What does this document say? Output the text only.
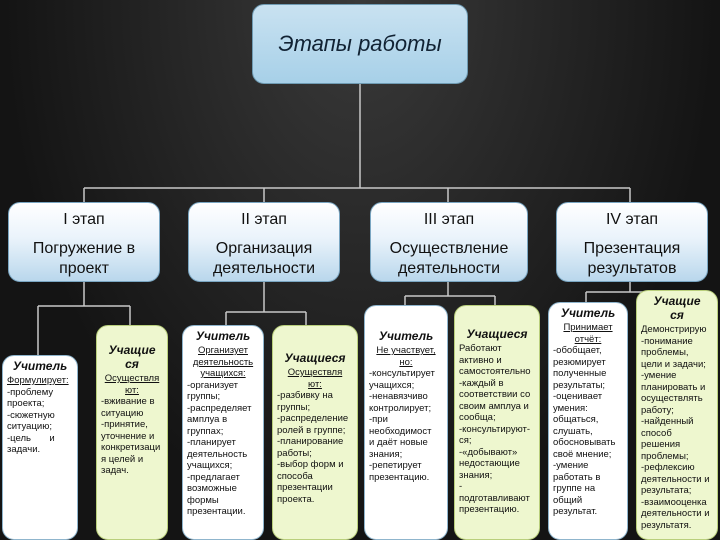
Этапы работы
I этап
Погружение в проект
II этап
Организация деятельности
III этап
Осуществление деятельности
IV этап
Презентация результатов
Учитель
Формулирует:
-проблему
проекта;
-сюжетную
ситуацию;
-цель       и
задачи.
Учащие
ся
Осуществля
ют:
-вживание в
ситуацию
-принятие,
уточнение и
конкретизаци
я целей и
задач.
Учитель
Организует
деятельность
учащихся:
-организует
группы;
-распределяет
амплуа в
группах;
-планирует
деятельность
учащихся;
-предлагает
возможные
формы
презентации.
Учащиеся
Осуществля
ют:
-разбивку на
группы;
-распределение
ролей в группе;
-планирование
работы;
-выбор форм и
способа
презентации
проекта.
Учитель
Не участвует,
но:
-консультирует
учащихся;
-ненавязчиво
контролирует;
-при
необходимост
и даёт новые
знания;
-репетирует
презентацию.
Учащиеся
Работают
активно и
самостоятельно
-каждый в
соответствии со
своим амплуа и
сообща;
-консультируют-
ся;
-«добывают»
недостающие
знания;
-
подготавливают
презентацию.
Учитель
Принимает
отчёт:
-обобщает,
резюмирует
полученные
результаты;
-оценивает
умения:
общаться,
слушать,
обосновывать
своё мнение;
-умение
работать в
группе на
общий
результат.
Учащие
ся
Демонстрирую
-понимание
проблемы,
цели и задачи;
-умение
планировать и
осуществлять
работу;
-найденный
способ
решения
проблемы;
-рефлексию
деятельности и
результата;
-взаимооценка
деятельности и
результатя.
